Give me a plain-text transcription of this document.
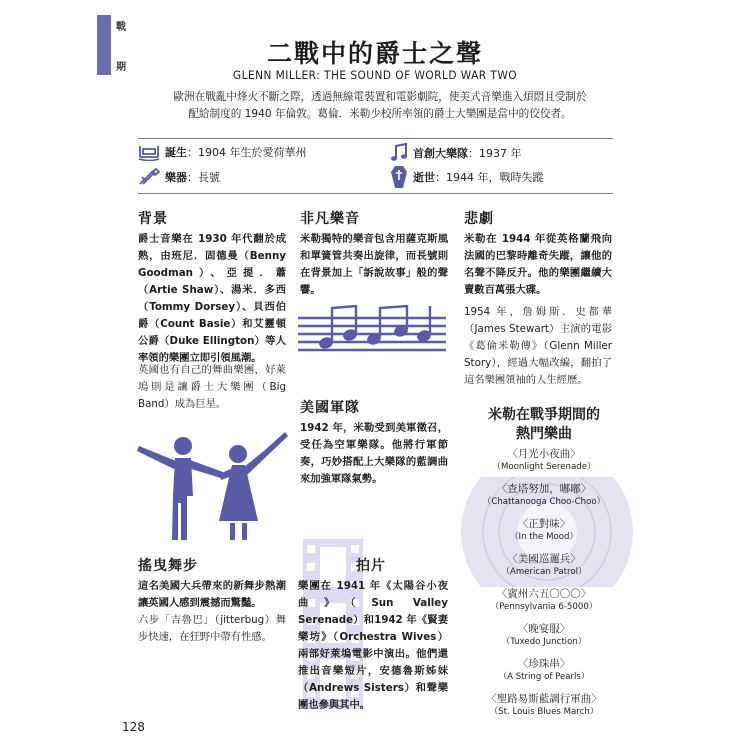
戰
期	二戰中的爵士之聲
GLENN MILLER: THE SOUND OF WORLD WAR TWO
歐洲在戰亂中烽火不斷之際，透過無線電裝置和電影劇院，使美式音樂進入煩悶且受制於
配給制度的 1940 年倫敦。葛倫．米勒少校所率領的爵士大樂團是當中的佼佼者。
誕生：1904 年生於愛荷華州
樂器：長號
首創大樂隊：1937 年
逝世：1944 年，戰時失蹤
背景
爵士音樂在 1930 年代翻於成熟，由班尼．固德曼（Benny Goodman）、亞提．蕭（Artie Shaw）、湯米．多西（Tommy Dorsey）、貝西伯爵（Count Basie）和艾靈頓公爵（Duke Ellington）等人率領的樂團立即引領風潮。
英國也有自己的舞曲樂團，好萊塢則是讓爵士大樂團（Big Band）成為巨星。
搖曳舞步
這名美國大兵帶來的新舞步熱潮讓英國人感到震撼而驚豔。
六步「吉魯巴」（jitterbug）舞步快速，在狂野中帶有性感。
非凡樂音
米勒獨特的樂音包含用薩克斯風和單簧管共奏出旋律，而長號則在背景加上「訴說故事」般的聲響。
美國軍隊
1942 年，米勒受到美軍徵召，受任為空軍樂隊。他將行軍節奏，巧妙搭配上大樂隊的藍調曲來加強軍隊氣勢。
拍片
樂團在 1941 年《太陽谷小夜曲》（Sun Valley Serenade）和1942 年《賢妻樂坊》（Orchestra Wives）兩部好萊塢電影中演出。他們還推出音樂短片，安德魯斯姊妹（Andrews Sisters）和聲樂團也參與其中。
悲劇
米勒在 1944 年從英格蘭飛向法國的巴黎時離奇失蹤，讓他的名聲不降反升。他的樂團繼續大賣數百萬張大碟。
1954 年，詹姆斯．史都華（James Stewart）主演的電影《葛倫米勒傳》（Glenn Miller Story），經過大幅改編，翻拍了這名樂團領袖的人生經歷。
米勒在戰爭期間的
熱門樂曲
〈月光小夜曲〉
（Moonlight Serenade）
〈查塔努加，嘟嘟〉
（Chattanooga Choo-Choo）
〈正對味〉
（In the Mood）
〈美國巡邏兵〉
（American Patrol）
〈賓州六五〇〇〇〉
（Pennsylvania 6-5000）
〈晚宴服〉
（Tuxedo Junction）
〈珍珠串〉
（A String of Pearls）
〈聖路易斯藍調行軍曲〉
（St. Louis Blues March）
128
